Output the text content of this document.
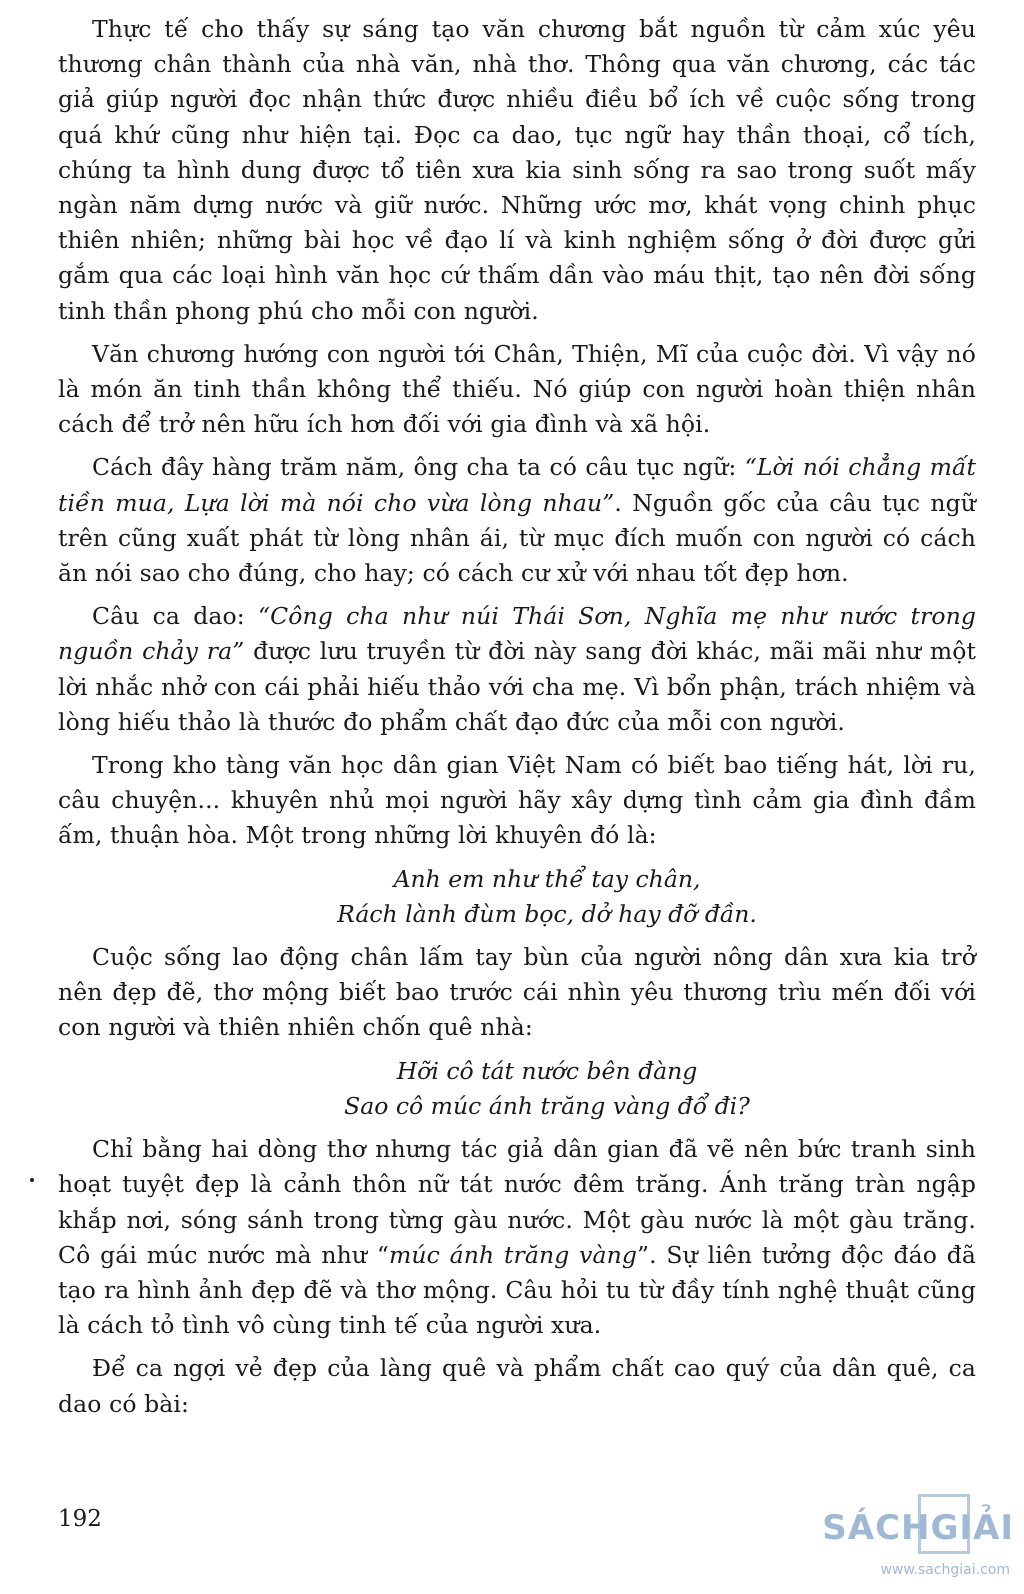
Thực tế cho thấy sự sáng tạo văn chương bắt nguồn từ cảm xúc yêu thương chân thành của nhà văn, nhà thơ. Thông qua văn chương, các tác giả giúp người đọc nhận thức được nhiều điều bổ ích về cuộc sống trong quá khứ cũng như hiện tại. Đọc ca dao, tục ngữ hay thần thoại, cổ tích, chúng ta hình dung được tổ tiên xưa kia sinh sống ra sao trong suốt mấy ngàn năm dựng nước và giữ nước. Những ước mơ, khát vọng chinh phục thiên nhiên; những bài học về đạo lí và kinh nghiệm sống ở đời được gửi gắm qua các loại hình văn học cứ thấm dần vào máu thịt, tạo nên đời sống tinh thần phong phú cho mỗi con người.

Văn chương hướng con người tới Chân, Thiện, Mĩ của cuộc đời. Vì vậy nó là món ăn tinh thần không thể thiếu. Nó giúp con người hoàn thiện nhân cách để trở nên hữu ích hơn đối với gia đình và xã hội.

Cách đây hàng trăm năm, ông cha ta có câu tục ngữ: “Lời nói chẳng mất tiền mua, Lựa lời mà nói cho vừa lòng nhau”. Nguồn gốc của câu tục ngữ trên cũng xuất phát từ lòng nhân ái, từ mục đích muốn con người có cách ăn nói sao cho đúng, cho hay; có cách cư xử với nhau tốt đẹp hơn.

Câu ca dao: “Công cha như núi Thái Sơn, Nghĩa mẹ như nước trong nguồn chảy ra” được lưu truyền từ đời này sang đời khác, mãi mãi như một lời nhắc nhở con cái phải hiếu thảo với cha mẹ. Vì bổn phận, trách nhiệm và lòng hiếu thảo là thước đo phẩm chất đạo đức của mỗi con người.

Trong kho tàng văn học dân gian Việt Nam có biết bao tiếng hát, lời ru, câu chuyện... khuyên nhủ mọi người hãy xây dựng tình cảm gia đình đầm ấm, thuận hòa. Một trong những lời khuyên đó là:

Anh em như thể tay chân,
Rách lành đùm bọc, dở hay đỡ đần.

Cuộc sống lao động chân lấm tay bùn của người nông dân xưa kia trở nên đẹp đẽ, thơ mộng biết bao trước cái nhìn yêu thương trìu mến đối với con người và thiên nhiên chốn quê nhà:

Hỡi cô tát nước bên đàng
Sao cô múc ánh trăng vàng đổ đi?

Chỉ bằng hai dòng thơ nhưng tác giả dân gian đã vẽ nên bức tranh sinh hoạt tuyệt đẹp là cảnh thôn nữ tát nước đêm trăng. Ánh trăng tràn ngập khắp nơi, sóng sánh trong từng gàu nước. Một gàu nước là một gàu trăng. Cô gái múc nước mà như “múc ánh trăng vàng”. Sự liên tưởng độc đáo đã tạo ra hình ảnh đẹp đẽ và thơ mộng. Câu hỏi tu từ đầy tính nghệ thuật cũng là cách tỏ tình vô cùng tinh tế của người xưa.

Để ca ngợi vẻ đẹp của làng quê và phẩm chất cao quý của dân quê, ca dao có bài:

192	SÁCHGIẢI
www.sachgiai.com
